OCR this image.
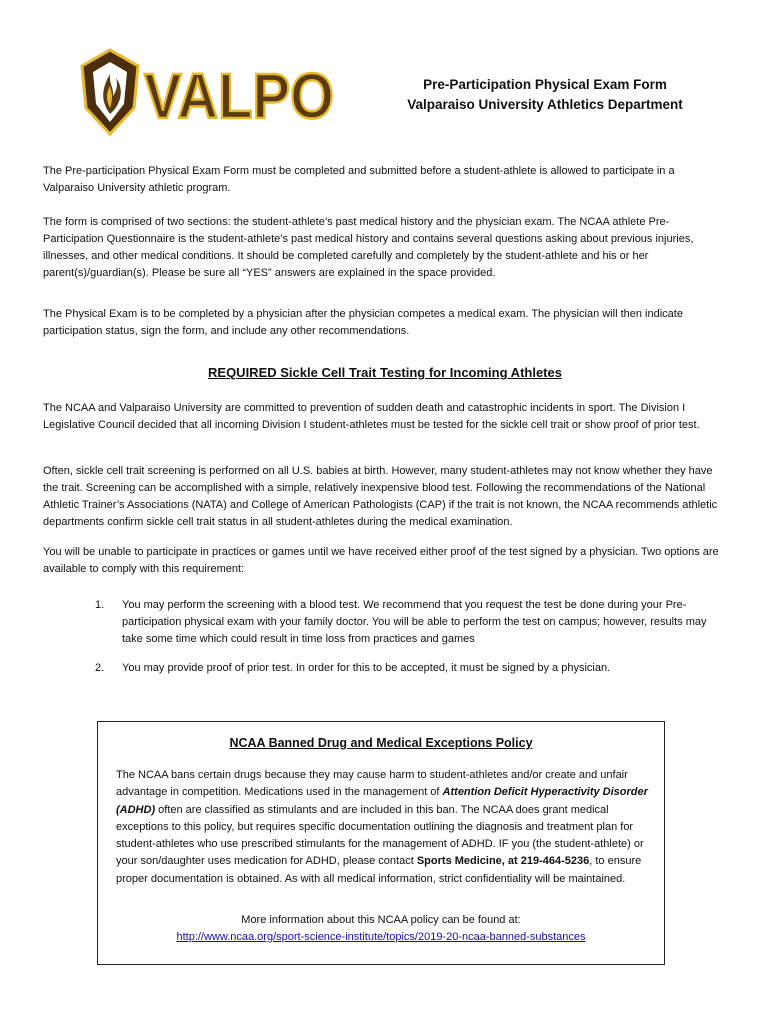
VALPO	Pre-Participation Physical Exam Form
Valparaiso University Athletics Department
The Pre-participation Physical Exam Form must be completed and submitted before a student-athlete is allowed to participate in a Valparaiso University athletic program.
The form is comprised of two sections: the student-athlete’s past medical history and the physician exam. The NCAA athlete Pre-Participation Questionnaire is the student-athlete’s past medical history and contains several questions asking about previous injuries, illnesses, and other medical conditions. It should be completed carefully and completely by the student-athlete and his or her parent(s)/guardian(s). Please be sure all “YES” answers are explained in the space provided.
The Physical Exam is to be completed by a physician after the physician competes a medical exam. The physician will then indicate participation status, sign the form, and include any other recommendations.
REQUIRED Sickle Cell Trait Testing for Incoming Athletes
The NCAA and Valparaiso University are committed to prevention of sudden death and catastrophic incidents in sport. The Division I Legislative Council decided that all incoming Division I student-athletes must be tested for the sickle cell trait or show proof of prior test.
Often, sickle cell trait screening is performed on all U.S. babies at birth. However, many student-athletes may not know whether they have the trait. Screening can be accomplished with a simple, relatively inexpensive blood test. Following the recommendations of the National Athletic Trainer’s Associations (NATA) and College of American Pathologists (CAP) if the trait is not known, the NCAA recommends athletic departments confirm sickle cell trait status in all student-athletes during the medical examination.
You will be unable to participate in practices or games until we have received either proof of the test signed by a physician. Two options are available to comply with this requirement:
1. You may perform the screening with a blood test. We recommend that you request the test be done during your Pre-participation physical exam with your family doctor. You will be able to perform the test on campus; however, results may take some time which could result in time loss from practices and games
2. You may provide proof of prior test. In order for this to be accepted, it must be signed by a physician.
NCAA Banned Drug and Medical Exceptions Policy
The NCAA bans certain drugs because they may cause harm to student-athletes and/or create and unfair advantage in competition. Medications used in the management of Attention Deficit Hyperactivity Disorder (ADHD) often are classified as stimulants and are included in this ban. The NCAA does grant medical exceptions to this policy, but requires specific documentation outlining the diagnosis and treatment plan for student-athletes who use prescribed stimulants for the management of ADHD. IF you (the student-athlete) or your son/daughter uses medication for ADHD, please contact Sports Medicine, at 219-464-5236, to ensure proper documentation is obtained. As with all medical information, strict confidentiality will be maintained.
More information about this NCAA policy can be found at:
http://www.ncaa.org/sport-science-institute/topics/2019-20-ncaa-banned-substances
